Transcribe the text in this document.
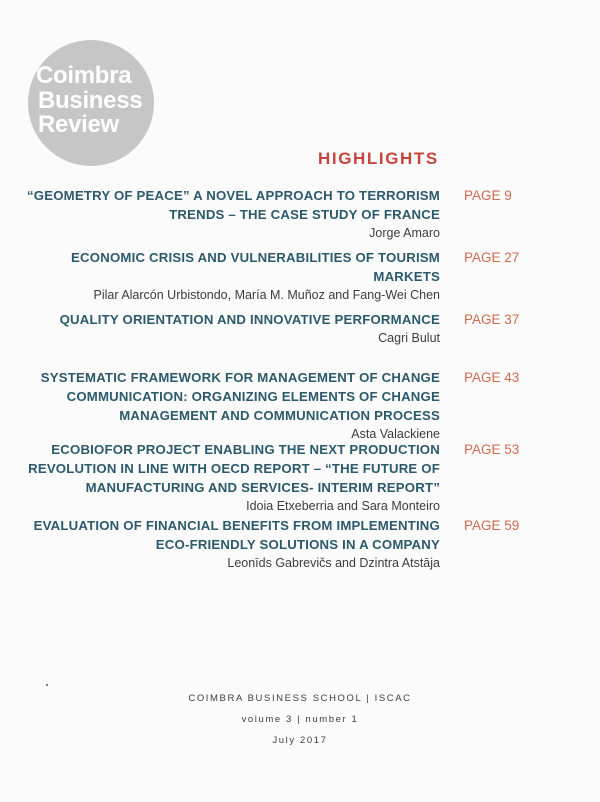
Coimbra
Business
Review
HIGHLIGHTS
“GEOMETRY OF PEACE” A NOVEL APPROACH TO TERRORISM
TRENDS – THE CASE STUDY OF FRANCE
Jorge Amaro
PAGE 9
ECONOMIC CRISIS AND VULNERABILITIES OF TOURISM
MARKETS
Pilar Alarcón Urbistondo, María M. Muñoz and Fang-Wei Chen
PAGE 27
QUALITY ORIENTATION AND INNOVATIVE PERFORMANCE
Cagri Bulut
PAGE 37
SYSTEMATIC FRAMEWORK FOR MANAGEMENT OF CHANGE
COMMUNICATION: ORGANIZING ELEMENTS OF CHANGE
MANAGEMENT AND COMMUNICATION PROCESS
Asta Valackiene
PAGE 43
ECOBIOFOR PROJECT ENABLING THE NEXT PRODUCTION
REVOLUTION IN LINE WITH OECD REPORT – “THE FUTURE OF
MANUFACTURING AND SERVICES- INTERIM REPORT”
Idoia Etxeberria and Sara Monteiro
PAGE 53
EVALUATION OF FINANCIAL BENEFITS FROM IMPLEMENTING
ECO-FRIENDLY SOLUTIONS IN A COMPANY
Leonīds Gabrevičs and Dzintra Atstāja
PAGE 59
COIMBRA BUSINESS SCHOOL | ISCAC
volume 3 | number 1
July 2017
